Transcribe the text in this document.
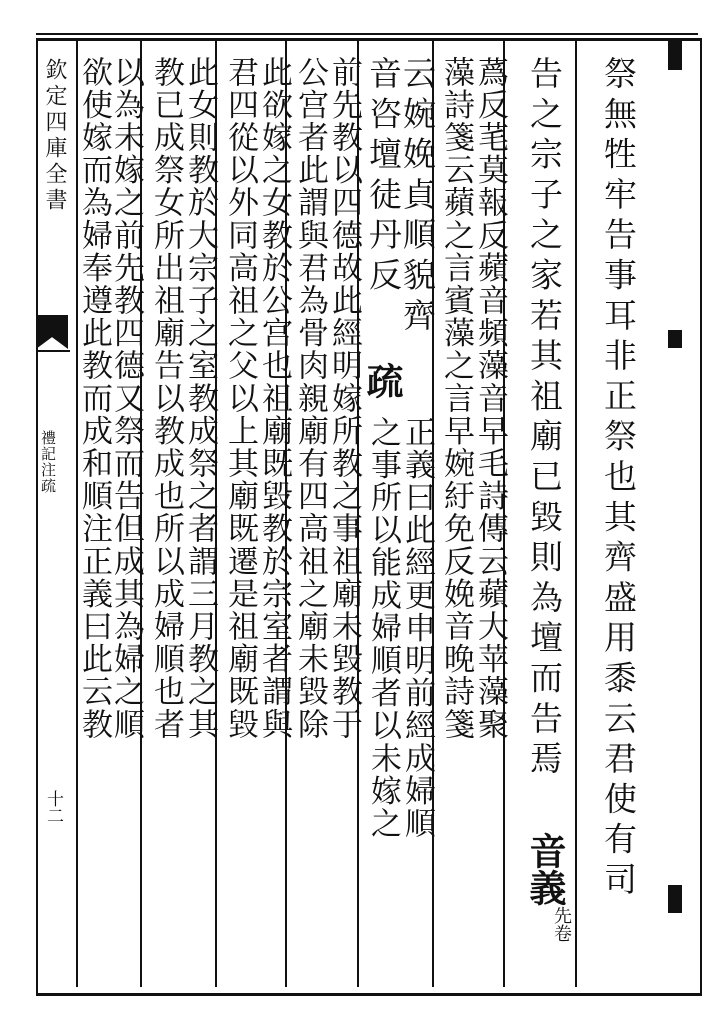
欽定四庫全書
禮記注疏
十二	祭無牲牢告事耳非正祭也其齊盛用黍云君使有司
告之宗子之家若其祖廟已毀則為壇而告焉
音義
先卷
蔿反芼莫報反蘋音頻藻音早毛詩傳云蘋大苹藻聚
藻詩箋云蘋之言賓藻之言早婉紆免反娩音晚詩箋
云婉娩貞順貌齊
音咨壇徒丹反
疏
正義曰此經更申明前經成婦順
之事所以能成婦順者以未嫁之
前先教以四德故此經明嫁所教之事祖廟未毀教于
公宫者此謂與君為骨肉親廟有四高祖之廟未毀除
此欲嫁之女教於公宫也祖廟既毀教於宗室者謂與
君四從以外同高祖之父以上其廟既遷是祖廟既毀
此女則教於大宗子之室教成祭之者謂三月教之其
教已成祭女所出祖廟告以教成也所以成婦順也者
以為未嫁之前先教四德又祭而告但成其為婦之順
欲使嫁而為婦奉遵此教而成和順注正義曰此云教
